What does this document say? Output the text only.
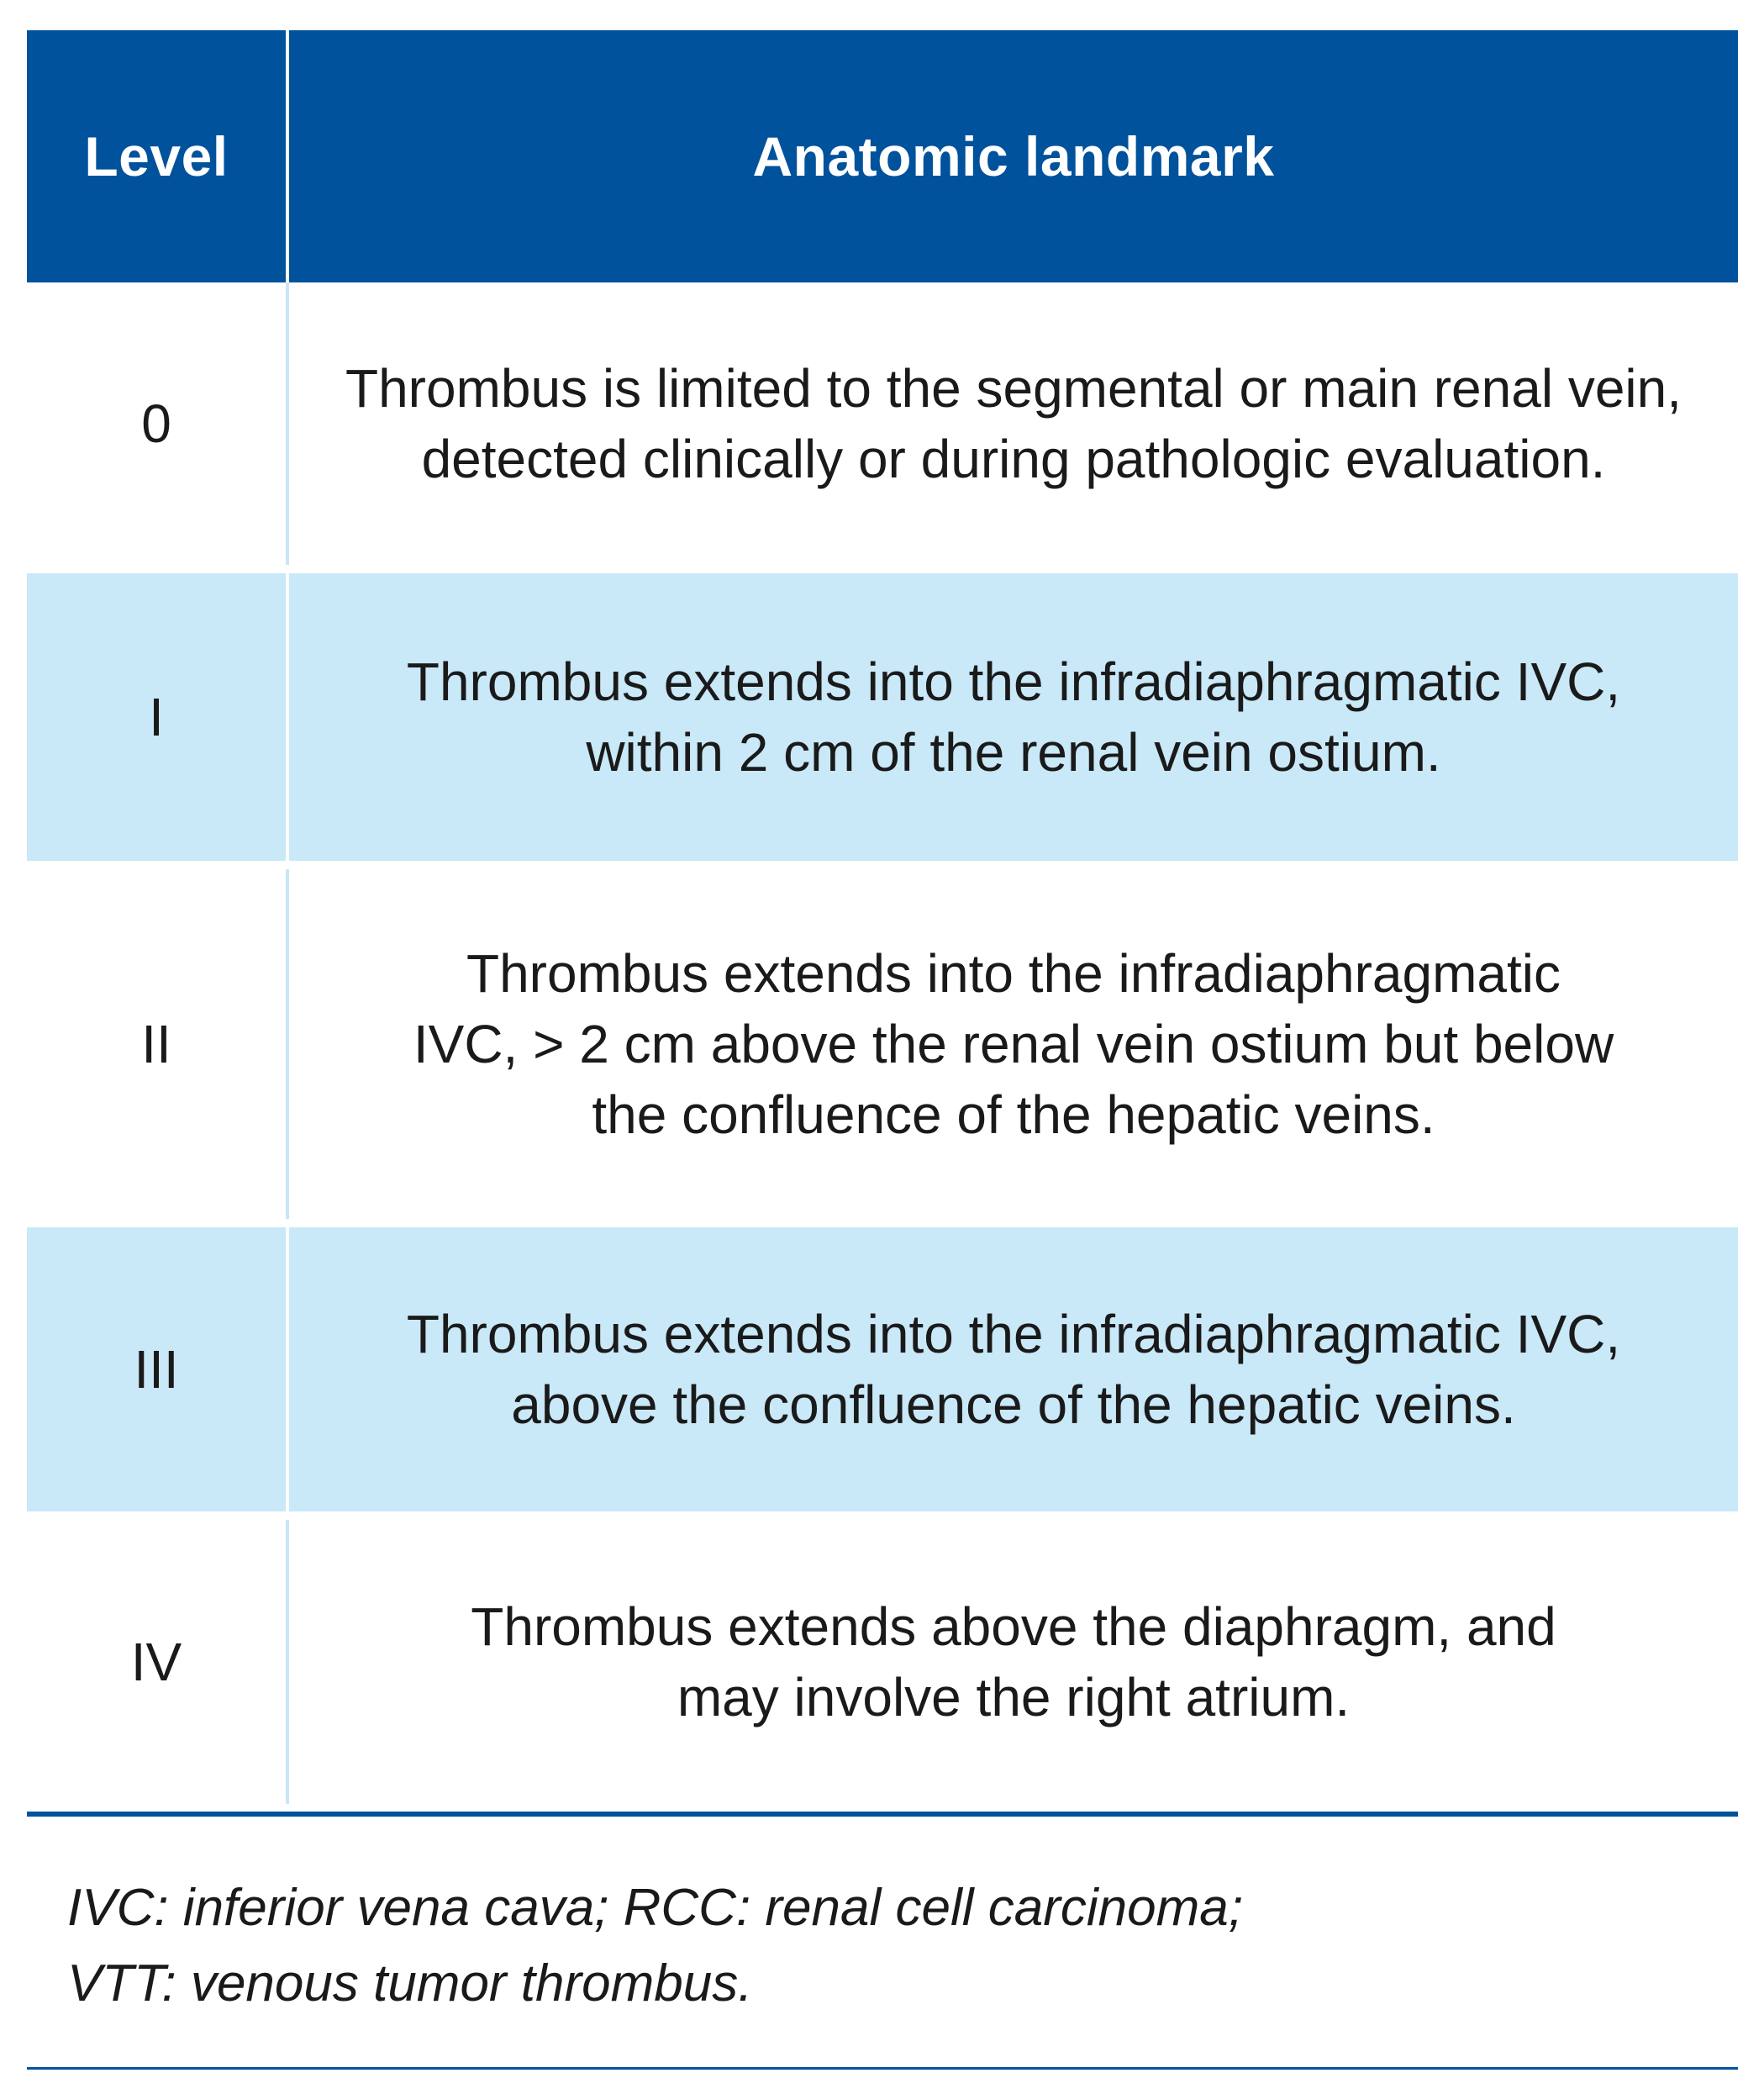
Level	Anatomic landmark
0
Thrombus is limited to the segmental or main renal vein,
detected clinically or during pathologic evaluation.
I
Thrombus extends into the infradiaphragmatic IVC,
within 2 cm of the renal vein ostium.
II
Thrombus extends into the infradiaphragmatic
IVC, > 2 cm above the renal vein ostium but below
the confluence of the hepatic veins.
III
Thrombus extends into the infradiaphragmatic IVC,
above the confluence of the hepatic veins.
IV
Thrombus extends above the diaphragm, and
may involve the right atrium.
IVC: inferior vena cava; RCC: renal cell carcinoma;
VTT: venous tumor thrombus.
